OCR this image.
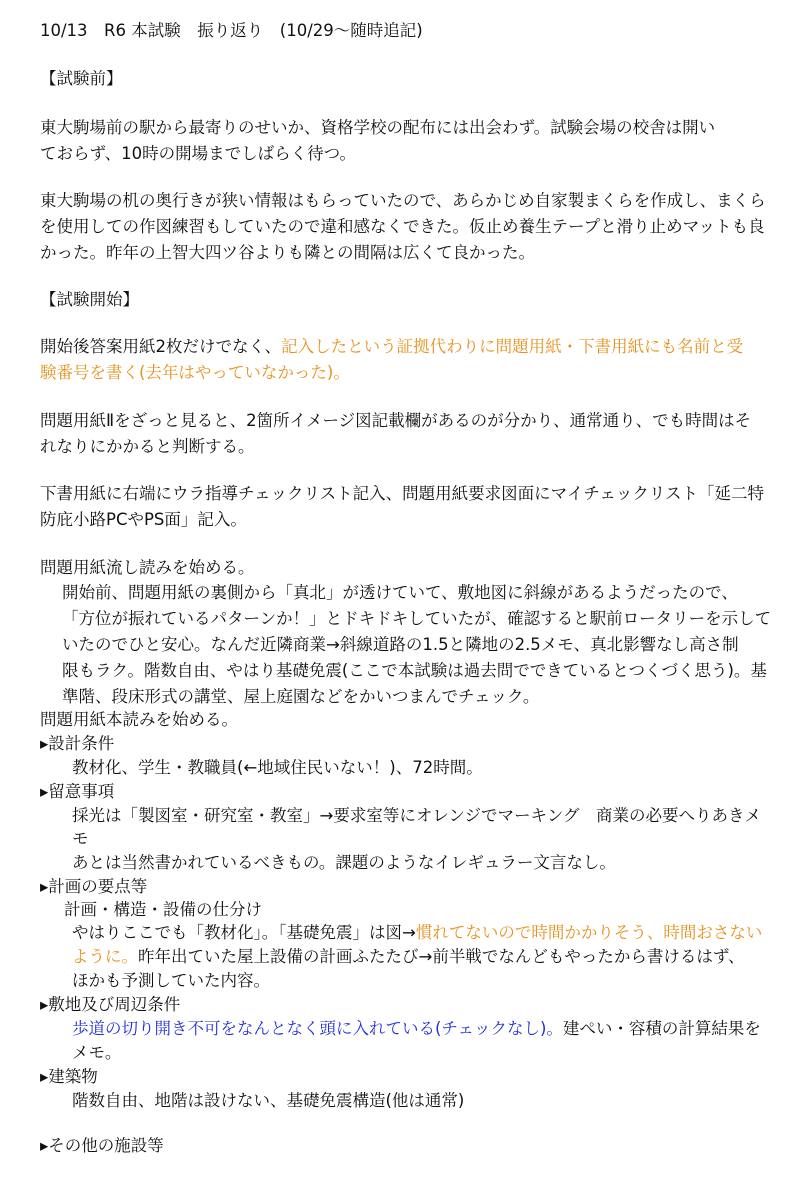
10/13　R6 本試験　振り返り　(10/29～随時追記)
【試験前】
東大駒場前の駅から最寄りのせいか、資格学校の配布には出会わず。試験会場の校舎は開い
ておらず、10時の開場までしばらく待つ。
東大駒場の机の奥行きが狭い情報はもらっていたので、あらかじめ自家製まくらを作成し、まくら
を使用しての作図練習もしていたので違和感なくできた。仮止め養生テープと滑り止めマットも良
かった。昨年の上智大四ツ谷よりも隣との間隔は広くて良かった。
【試験開始】
開始後答案用紙2枚だけでなく、記入したという証拠代わりに問題用紙・下書用紙にも名前と受
験番号を書く(去年はやっていなかった)。
問題用紙Ⅱをざっと見ると、2箇所イメージ図記載欄があるのが分かり、通常通り、でも時間はそ
れなりにかかると判断する。
下書用紙に右端にウラ指導チェックリスト記入、問題用紙要求図面にマイチェックリスト「延二特
防庇小路PCやPS面」記入。
問題用紙流し読みを始める。
開始前、問題用紙の裏側から「真北」が透けていて、敷地図に斜線があるようだったので、
「方位が振れているパターンか！」とドキドキしていたが、確認すると駅前ロータリーを示して
いたのでひと安心。なんだ近隣商業→斜線道路の1.5と隣地の2.5メモ、真北影響なし高さ制
限もラク。階数自由、やはり基礎免震(ここで本試験は過去問でできているとつくづく思う)。基
準階、段床形式の講堂、屋上庭園などをかいつまんでチェック。
問題用紙本読みを始める。
▸設計条件
教材化、学生・教職員(←地域住民いない！)、72時間。
▸留意事項
採光は「製図室・研究室・教室」→要求室等にオレンジでマーキング　商業の必要へりあきメ
モ
あとは当然書かれているべきもの。課題のようなイレギュラー文言なし。
▸計画の要点等
計画・構造・設備の仕分け
やはりここでも「教材化」。「基礎免震」は図→慣れてないので時間かかりそう、時間おさない
ように。昨年出ていた屋上設備の計画ふたたび→前半戦でなんどもやったから書けるはず、
ほかも予測していた内容。
▸敷地及び周辺条件
歩道の切り開き不可をなんとなく頭に入れている(チェックなし)。建ぺい・容積の計算結果を
メモ。
▸建築物
階数自由、地階は設けない、基礎免震構造(他は通常)
▸その他の施設等
